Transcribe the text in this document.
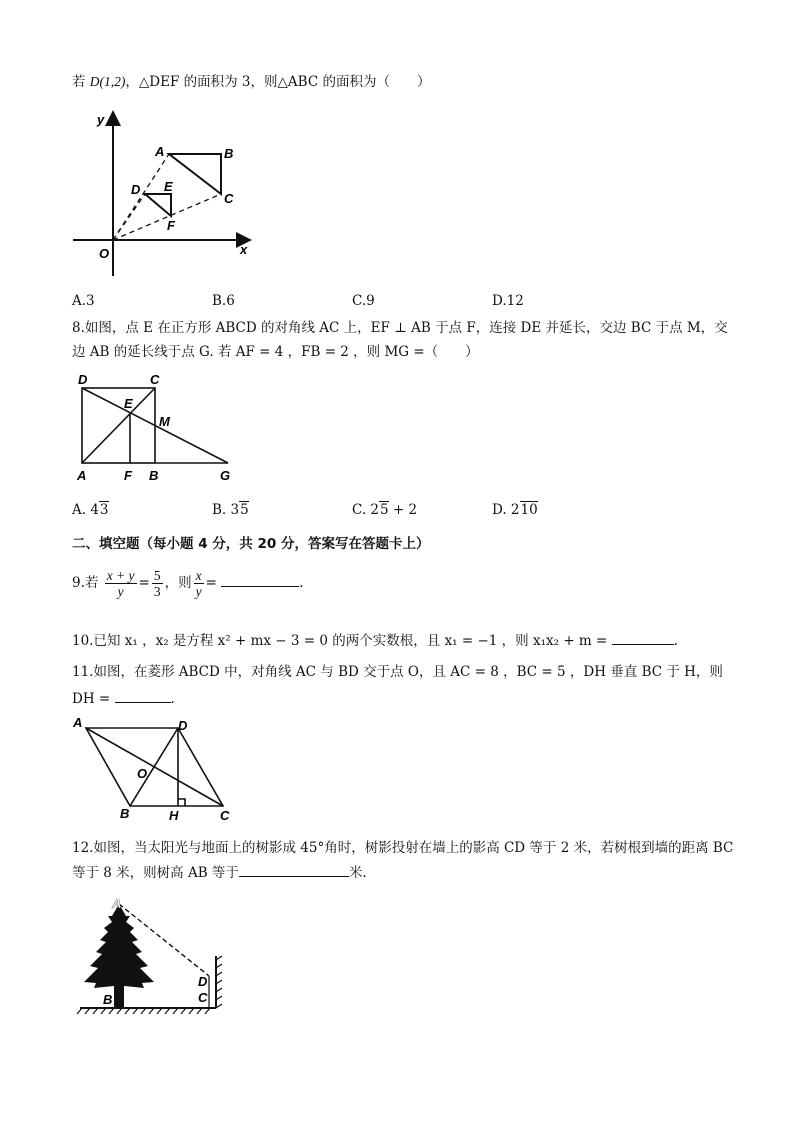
若 D(1,2)，△DEF 的面积为 3，则△ABC 的面积为（　　）
y
x
O
A	B
C
D E
F
A.3	B.6	C.9	D.12
8.如图，点 E 在正方形 ABCD 的对角线 AC 上，EF ⊥ AB 于点 F，连接 DE 并延长，交边 BC 于点 M，交
边 AB 的延长线于点 G. 若 AF = 4 ，FB = 2 ，则 MG =（　　）
D	C
E
M
A	F B	G
A. 43	B. 35	C. 25 + 2	D. 210
二、填空题（每小题 4 分，共 20 分，答案写在答题卡上）
9.若 $\frac{x + y}{y} = \frac{5}{3}$ ，则 $\frac{x}{y}$ =	.
10.已知 x₁ ，x₂ 是方程 x² + mx − 3 = 0 的两个实数根，且 x₁ = −1 ，则 x₁x₂ + m =	.
11.如图，在菱形 ABCD 中，对角线 AC 与 BD 交于点 O，且 AC = 8 ，BC = 5 ，DH 垂直 BC 于 H，则
DH =	.
A	D
O
B	H	C
12.如图，当太阳光与地面上的树影成 45°角时，树影投射在墙上的影高 CD 等于 2 米，若树根到墙的距离 BC
等于 8 米，则树高 AB 等于	米.
A
B
D
C
